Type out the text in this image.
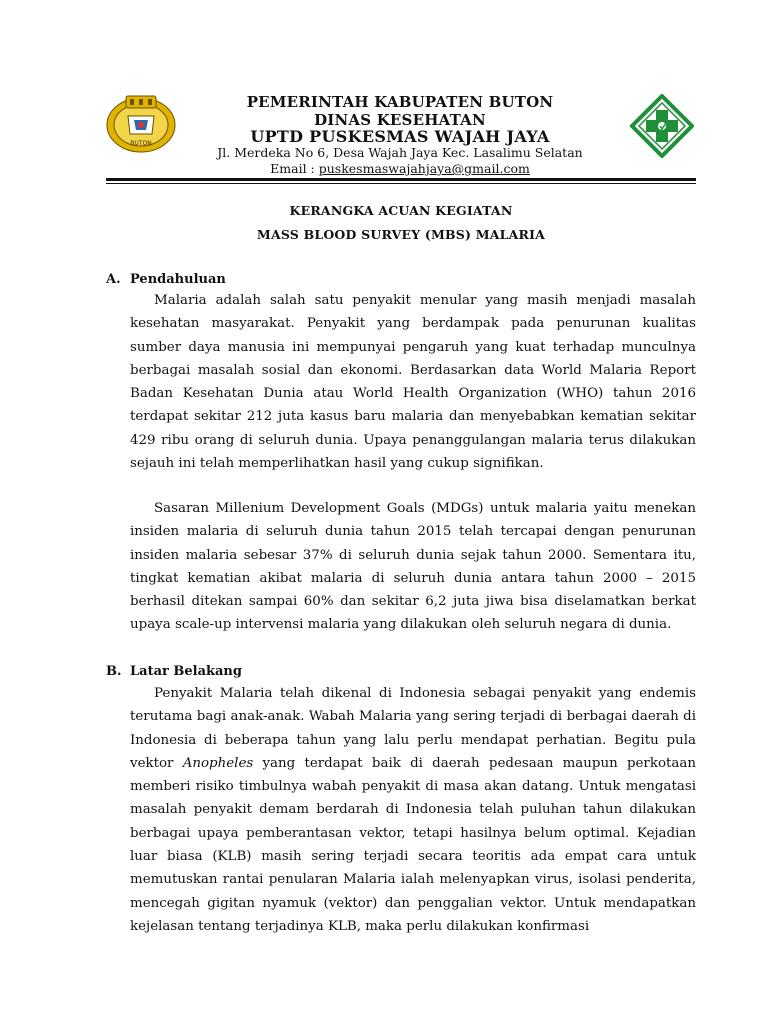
BUTON
PEMERINTAH KABUPATEN BUTON
DINAS KESEHATAN
UPTD PUSKESMAS WAJAH JAYA
Jl. Merdeka No 6, Desa Wajah Jaya Kec. Lasalimu Selatan
Email : puskesmaswajahjaya@gmail.com
KERANGKA ACUAN KEGIATAN
MASS BLOOD SURVEY (MBS) MALARIA
A. Pendahuluan

Malaria adalah salah satu penyakit menular yang masih menjadi masalah kesehatan masyarakat. Penyakit yang berdampak pada penurunan kualitas sumber daya manusia ini mempunyai pengaruh yang kuat terhadap munculnya berbagai masalah sosial dan ekonomi. Berdasarkan data World Malaria Report Badan Kesehatan Dunia atau World Health Organization (WHO) tahun 2016 terdapat sekitar 212 juta kasus baru malaria dan menyebabkan kematian sekitar 429 ribu orang di seluruh dunia. Upaya penanggulangan malaria terus dilakukan sejauh ini telah memperlihatkan hasil yang cukup signifikan.

Sasaran Millenium Development Goals (MDGs) untuk malaria yaitu menekan insiden malaria di seluruh dunia tahun 2015 telah tercapai dengan penurunan insiden malaria sebesar 37% di seluruh dunia sejak tahun 2000. Sementara itu, tingkat kematian akibat malaria di seluruh dunia antara tahun 2000 – 2015 berhasil ditekan sampai 60% dan sekitar 6,2 juta jiwa bisa diselamatkan berkat upaya scale-up intervensi malaria yang dilakukan oleh seluruh negara di dunia.

B. Latar Belakang

Penyakit Malaria telah dikenal di Indonesia sebagai penyakit yang endemis terutama bagi anak-anak. Wabah Malaria yang sering terjadi di berbagai daerah di Indonesia di beberapa tahun yang lalu perlu mendapat perhatian. Begitu pula vektor Anopheles yang terdapat baik di daerah pedesaan maupun perkotaan memberi risiko timbulnya wabah penyakit di masa akan datang. Untuk mengatasi masalah penyakit demam berdarah di Indonesia telah puluhan tahun dilakukan berbagai upaya pemberantasan vektor, tetapi hasilnya belum optimal. Kejadian luar biasa (KLB) masih sering terjadi secara teoritis ada empat cara untuk memutuskan rantai penularan Malaria ialah melenyapkan virus, isolasi penderita, mencegah gigitan nyamuk (vektor) dan penggalian vektor. Untuk mendapatkan kejelasan tentang terjadinya KLB, maka perlu dilakukan konfirmasi
